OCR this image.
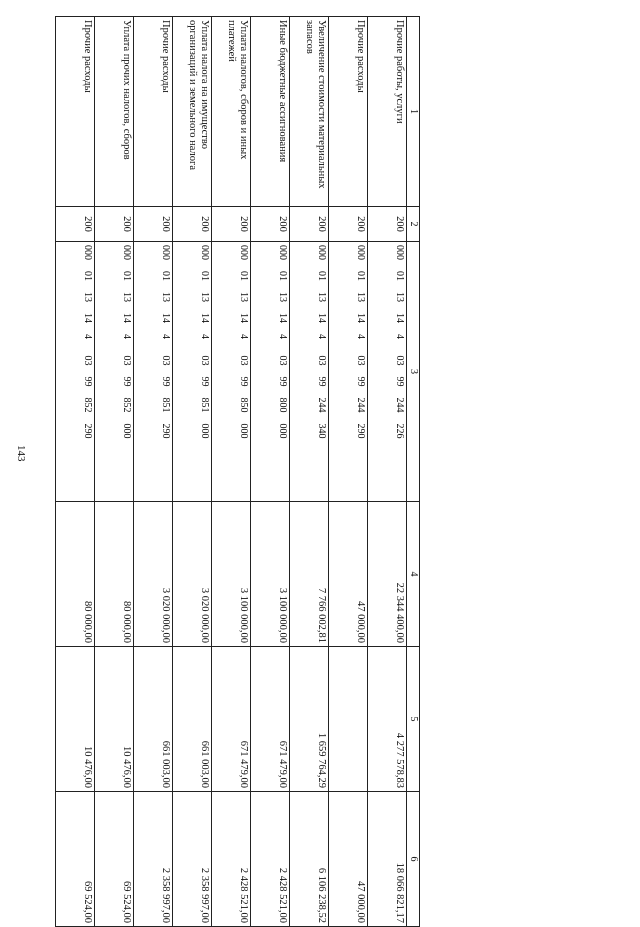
143
1	2	3	4	5	6
Прочие работы, услуги	200	000  01  13  14  4   03  99  244  226	22 344 400,00	4 277 578,83	18 066 821,17
Прочие расходы	200	000  01  13  14  4   03  99  244  290	47 000,00		47 000,00
Увеличение стоимости материальных запасов	200	000  01  13  14  4   03  99  244  340	7 766 002,81	1 659 764,29	6 106 238,52
Иные бюджетные ассигнования	200	000  01  13  14  4   03  99  800  000	3 100 000,00	671 479,00	2 428 521,00
Уплата налогов, сборов и иных платежей	200	000  01  13  14  4   03  99  850  000	3 100 000,00	671 479,00	2 428 521,00
Уплата налога на имущество организаций и земельного налога	200	000  01  13  14  4   03  99  851  000	3 020 000,00	661 003,00	2 358 997,00
Прочие расходы	200	000  01  13  14  4   03  99  851  290	3 020 000,00	661 003,00	2 358 997,00
Уплата прочих налогов, сборов	200	000  01  13  14  4   03  99  852  000	80 000,00	10 476,00	69 524,00
Прочие расходы	200	000  01  13  14  4   03  99  852  290	80 000,00	10 476,00	69 524,00
